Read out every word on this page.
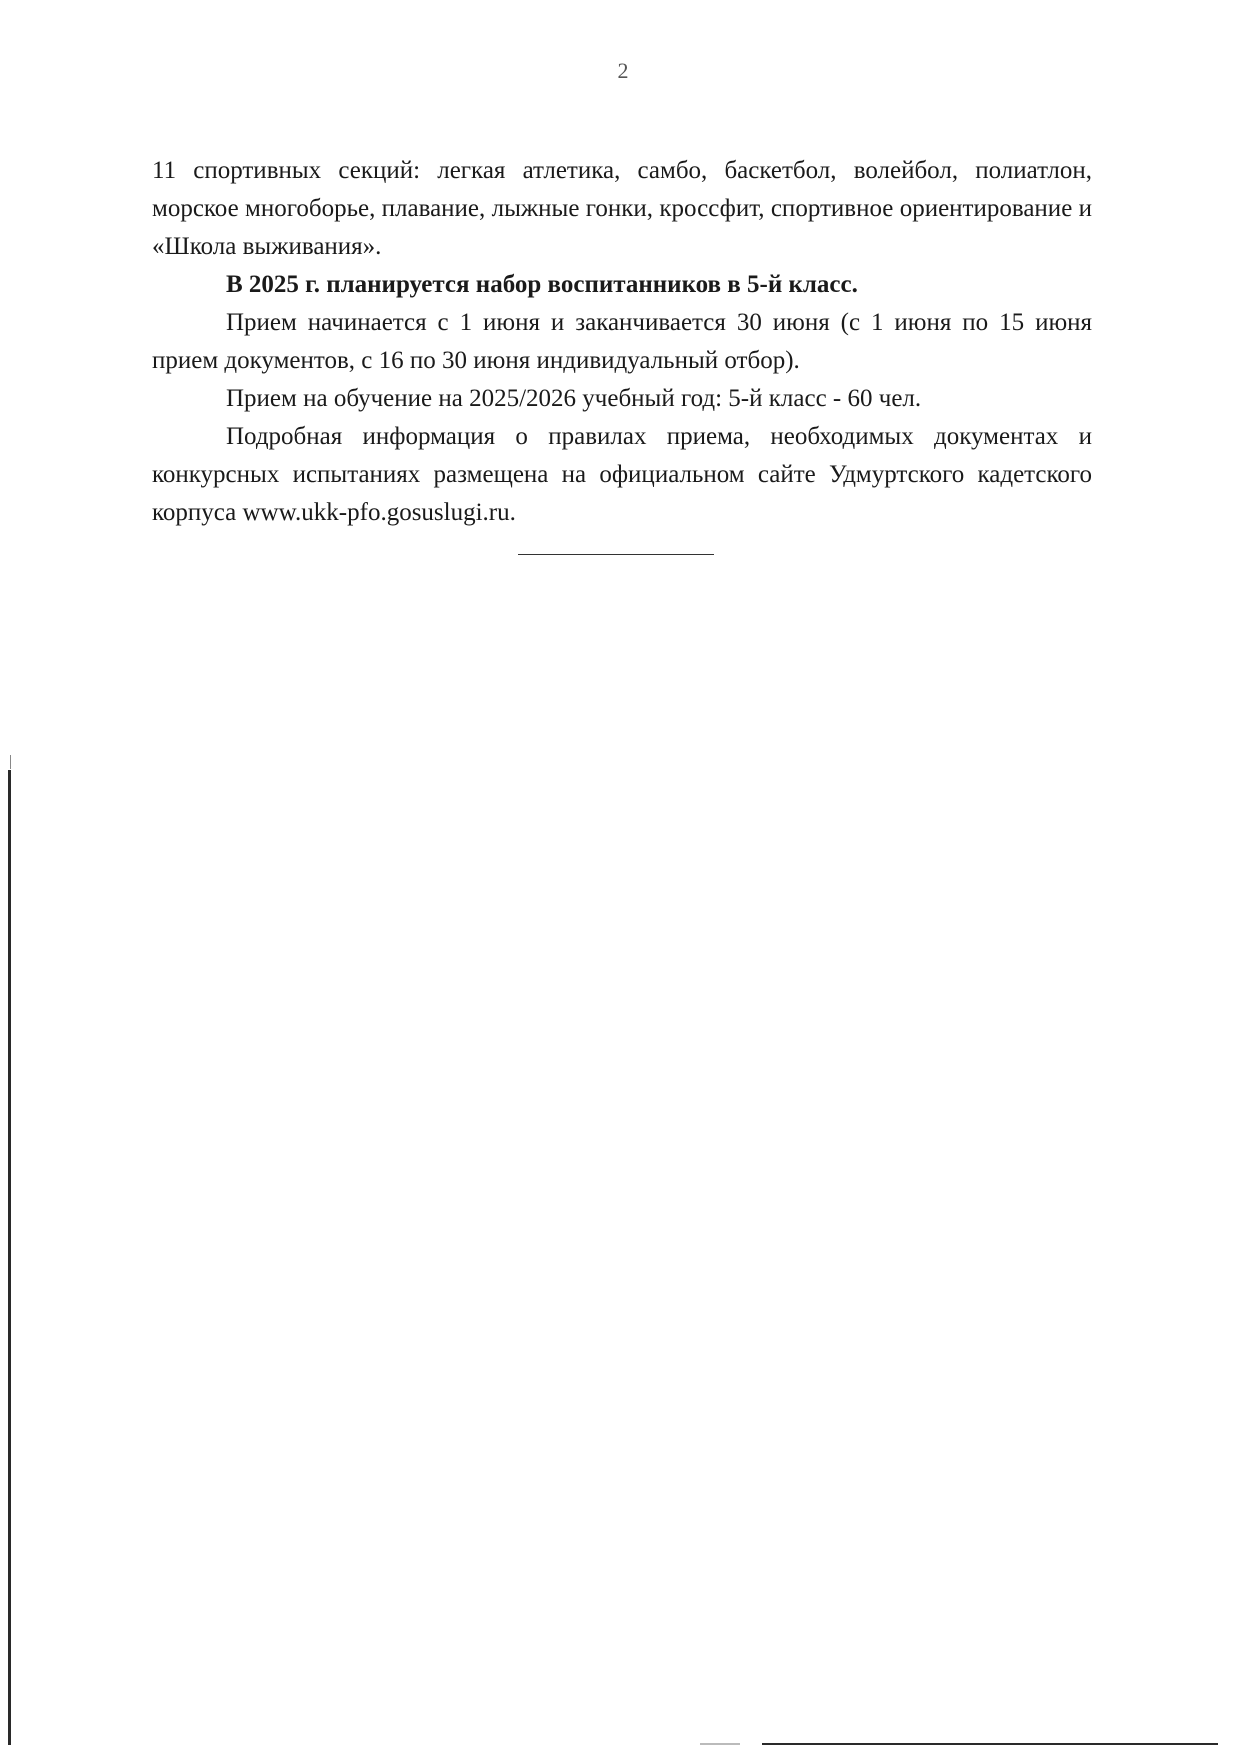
2

11 спортивных секций: легкая атлетика, самбо, баскетбол, волейбол, полиатлон, морское многоборье, плавание, лыжные гонки, кроссфит, спортивное ориентирование и «Школа выживания».

В 2025 г. планируется набор воспитанников в 5-й класс.

Прием начинается с 1 июня и заканчивается 30 июня (с 1 июня по 15 июня прием документов, с 16 по 30 июня индивидуальный отбор).

Прием на обучение на 2025/2026 учебный год: 5-й класс - 60 чел.

Подробная информация о правилах приема, необходимых документах и конкурсных испытаниях размещена на официальном сайте Удмуртского кадетского корпуса www.ukk-pfo.gosuslugi.ru.
